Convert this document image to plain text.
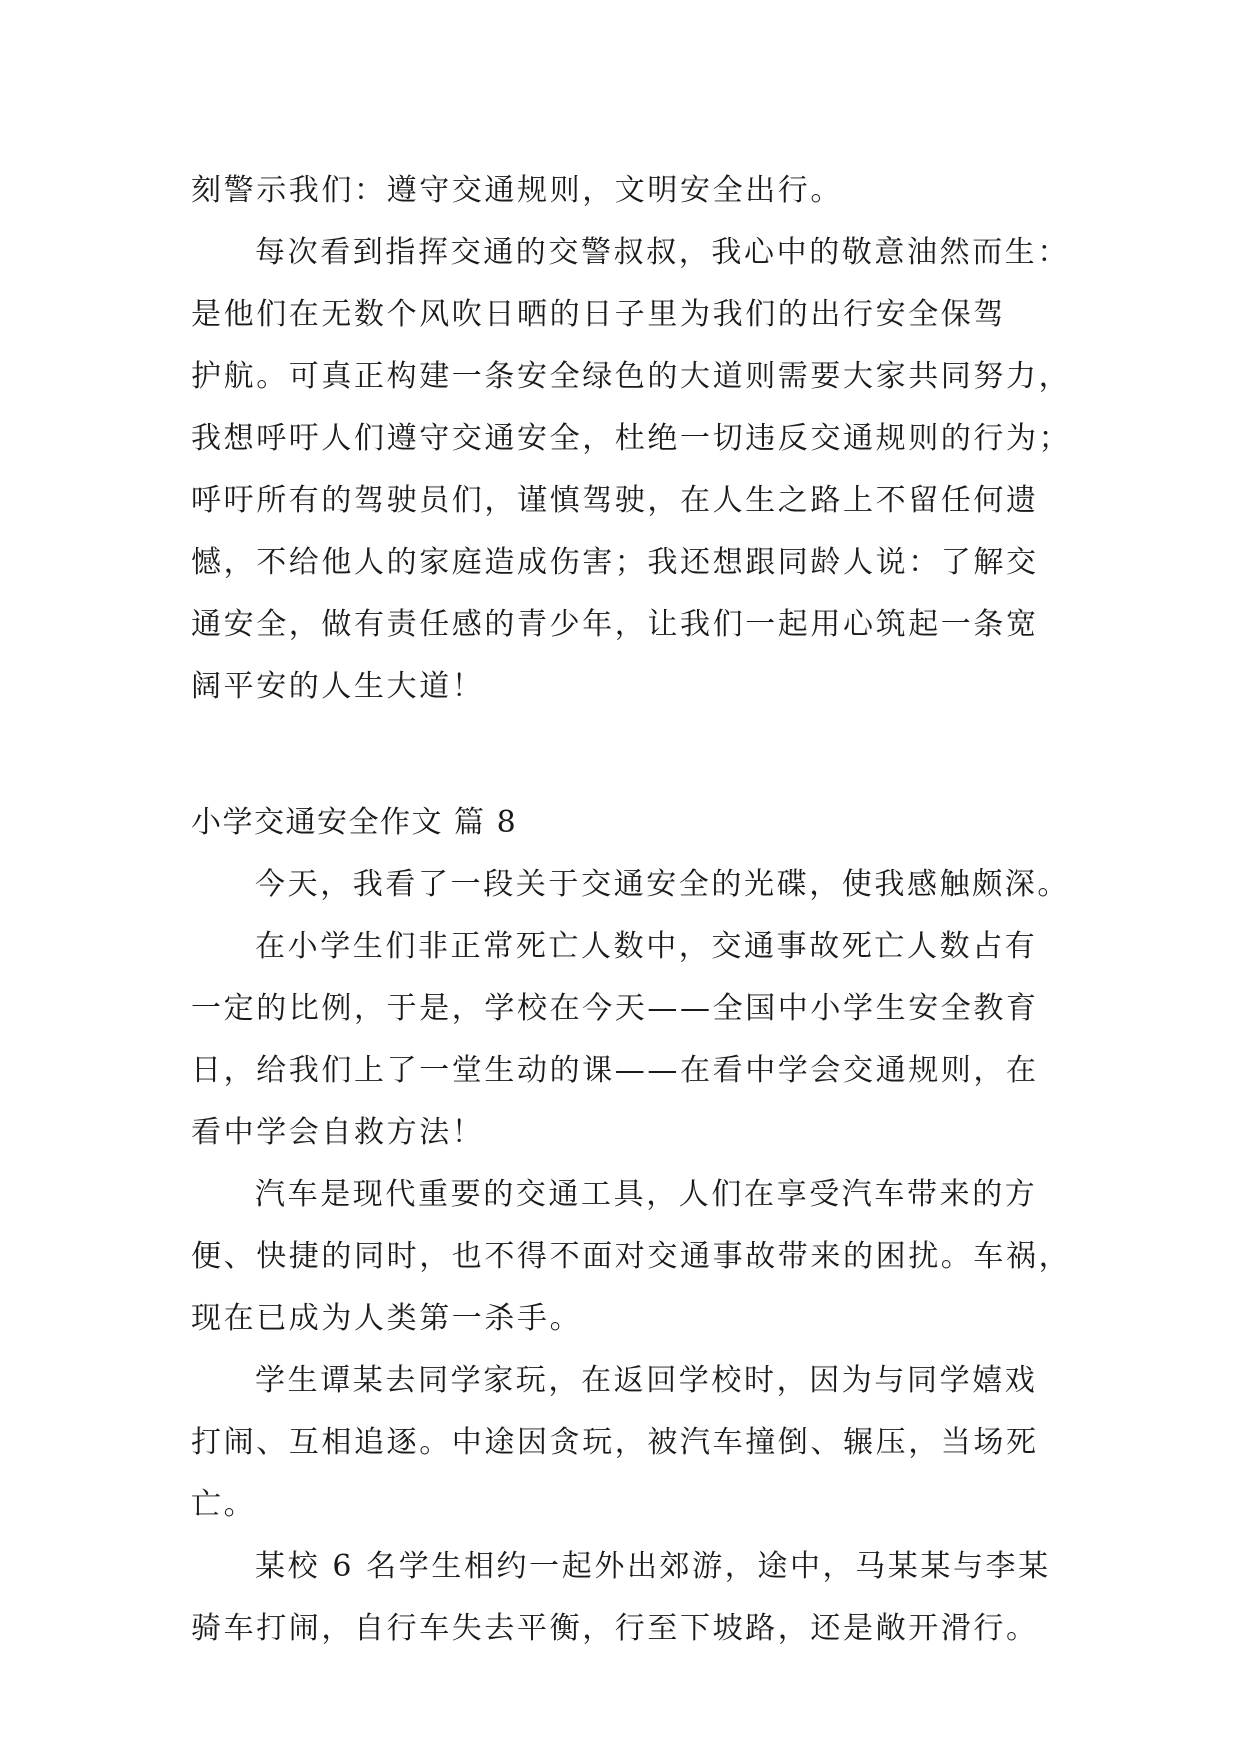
刻警示我们：遵守交通规则，文明安全出行。

每次看到指挥交通的交警叔叔，我心中的敬意油然而生：

是他们在无数个风吹日晒的日子里为我们的出行安全保驾

护航。可真正构建一条安全绿色的大道则需要大家共同努力，

我想呼吁人们遵守交通安全，杜绝一切违反交通规则的行为；

呼吁所有的驾驶员们，谨慎驾驶，在人生之路上不留任何遗

憾，不给他人的家庭造成伤害；我还想跟同龄人说：了解交

通安全，做有责任感的青少年，让我们一起用心筑起一条宽

阔平安的人生大道！

小学交通安全作文 篇 8

今天，我看了一段关于交通安全的光碟，使我感触颇深。

在小学生们非正常死亡人数中，交通事故死亡人数占有

一定的比例，于是，学校在今天——全国中小学生安全教育

日，给我们上了一堂生动的课——在看中学会交通规则，在

看中学会自救方法！

汽车是现代重要的交通工具，人们在享受汽车带来的方

便、快捷的同时，也不得不面对交通事故带来的困扰。车祸，

现在已成为人类第一杀手。

学生谭某去同学家玩，在返回学校时，因为与同学嬉戏

打闹、互相追逐。中途因贪玩，被汽车撞倒、辗压，当场死

亡。

某校 6 名学生相约一起外出郊游，途中，马某某与李某

骑车打闹，自行车失去平衡，行至下坡路，还是敞开滑行。
